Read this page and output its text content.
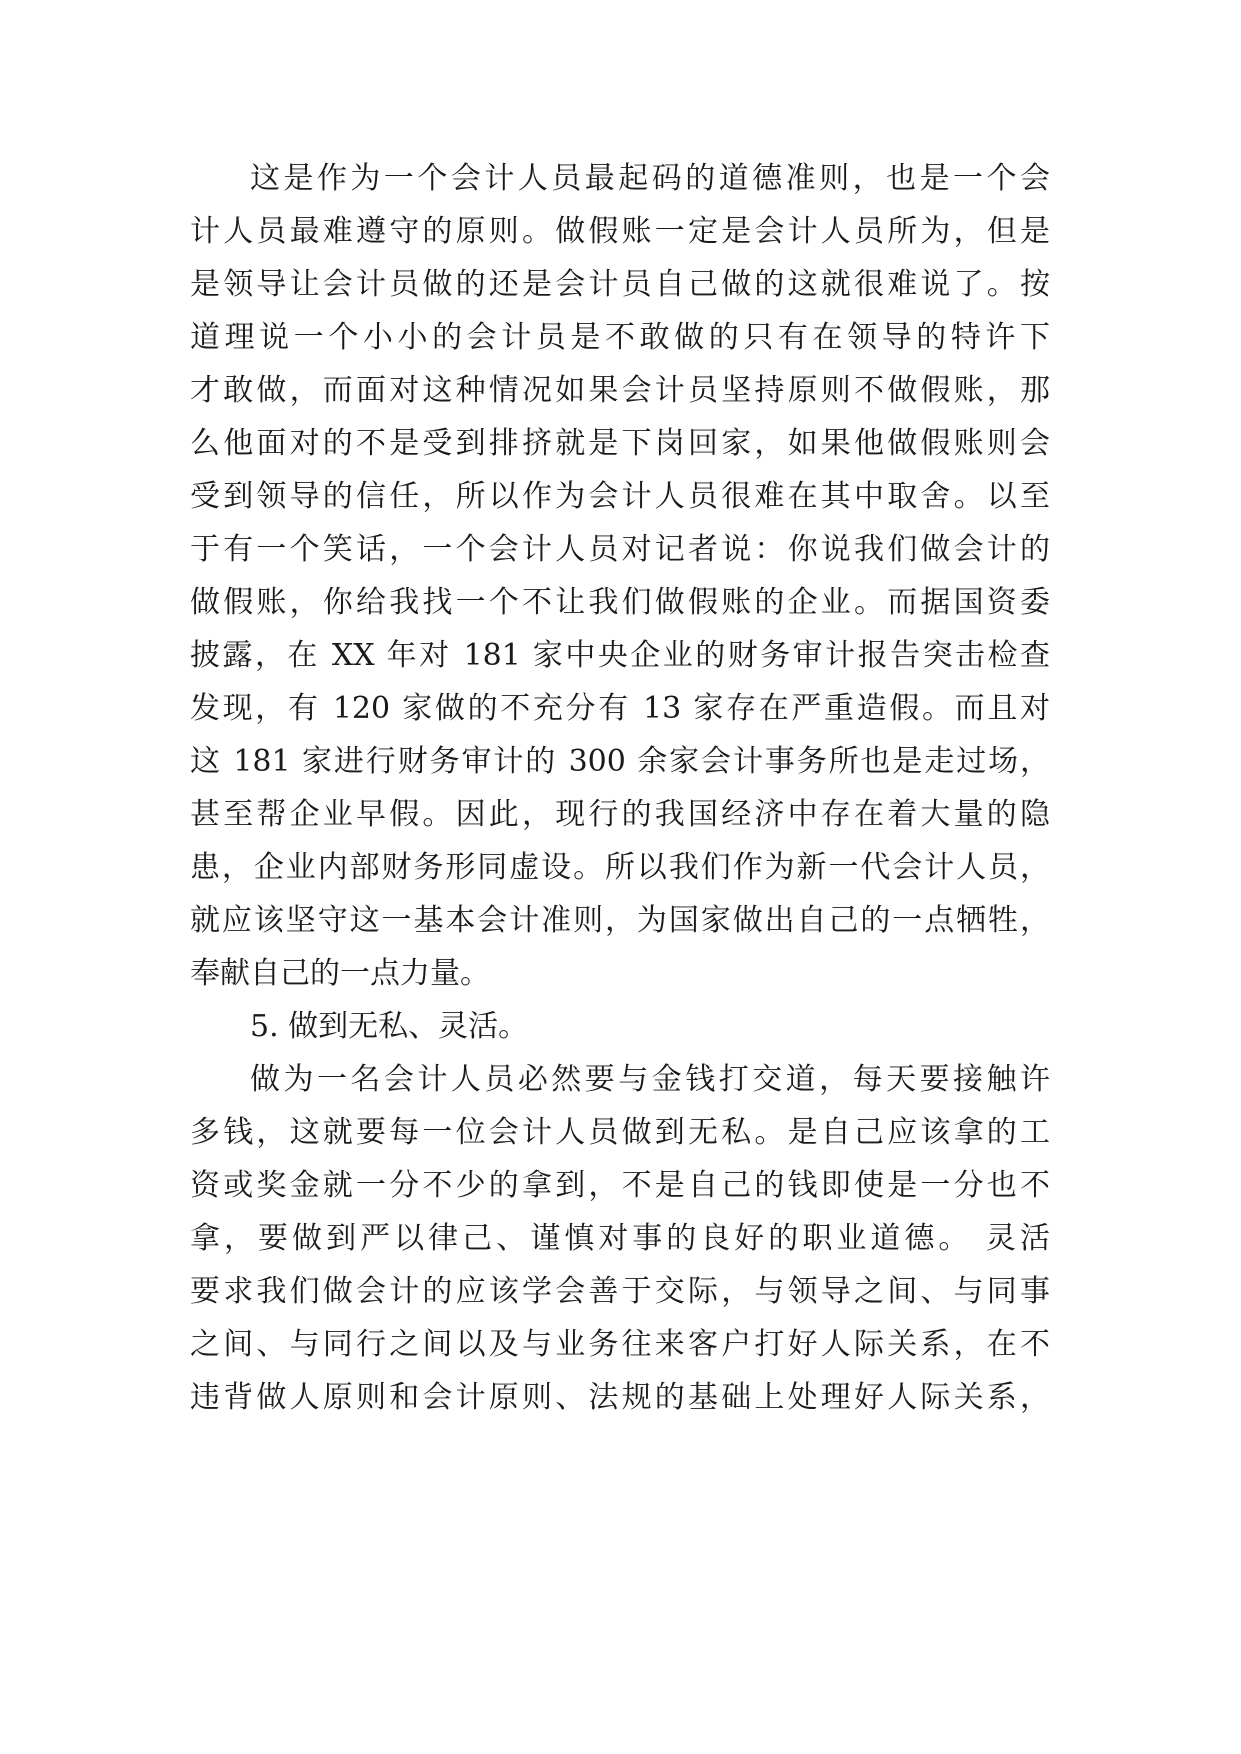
这是作为一个会计人员最起码的道德准则，也是一个会
计人员最难遵守的原则。做假账一定是会计人员所为，但是
是领导让会计员做的还是会计员自己做的这就很难说了。按
道理说一个小小的会计员是不敢做的只有在领导的特许下
才敢做，而面对这种情况如果会计员坚持原则不做假账，那
么他面对的不是受到排挤就是下岗回家，如果他做假账则会
受到领导的信任，所以作为会计人员很难在其中取舍。以至
于有一个笑话，一个会计人员对记者说：你说我们做会计的
做假账，你给我找一个不让我们做假账的企业。而据国资委
披露，在 XX 年对 181 家中央企业的财务审计报告突击检查
发现，有 120 家做的不充分有 13 家存在严重造假。而且对
这 181 家进行财务审计的 300 余家会计事务所也是走过场，
甚至帮企业早假。因此，现行的我国经济中存在着大量的隐
患，企业内部财务形同虚设。所以我们作为新一代会计人员，
就应该坚守这一基本会计准则，为国家做出自己的一点牺牲，
奉献自己的一点力量。
5. 做到无私、灵活。
做为一名会计人员必然要与金钱打交道，每天要接触许
多钱，这就要每一位会计人员做到无私。是自己应该拿的工
资或奖金就一分不少的拿到，不是自己的钱即使是一分也不
拿，要做到严以律己、谨慎对事的良好的职业道德。 灵活
要求我们做会计的应该学会善于交际，与领导之间、与同事
之间、与同行之间以及与业务往来客户打好人际关系，在不
违背做人原则和会计原则、法规的基础上处理好人际关系，
